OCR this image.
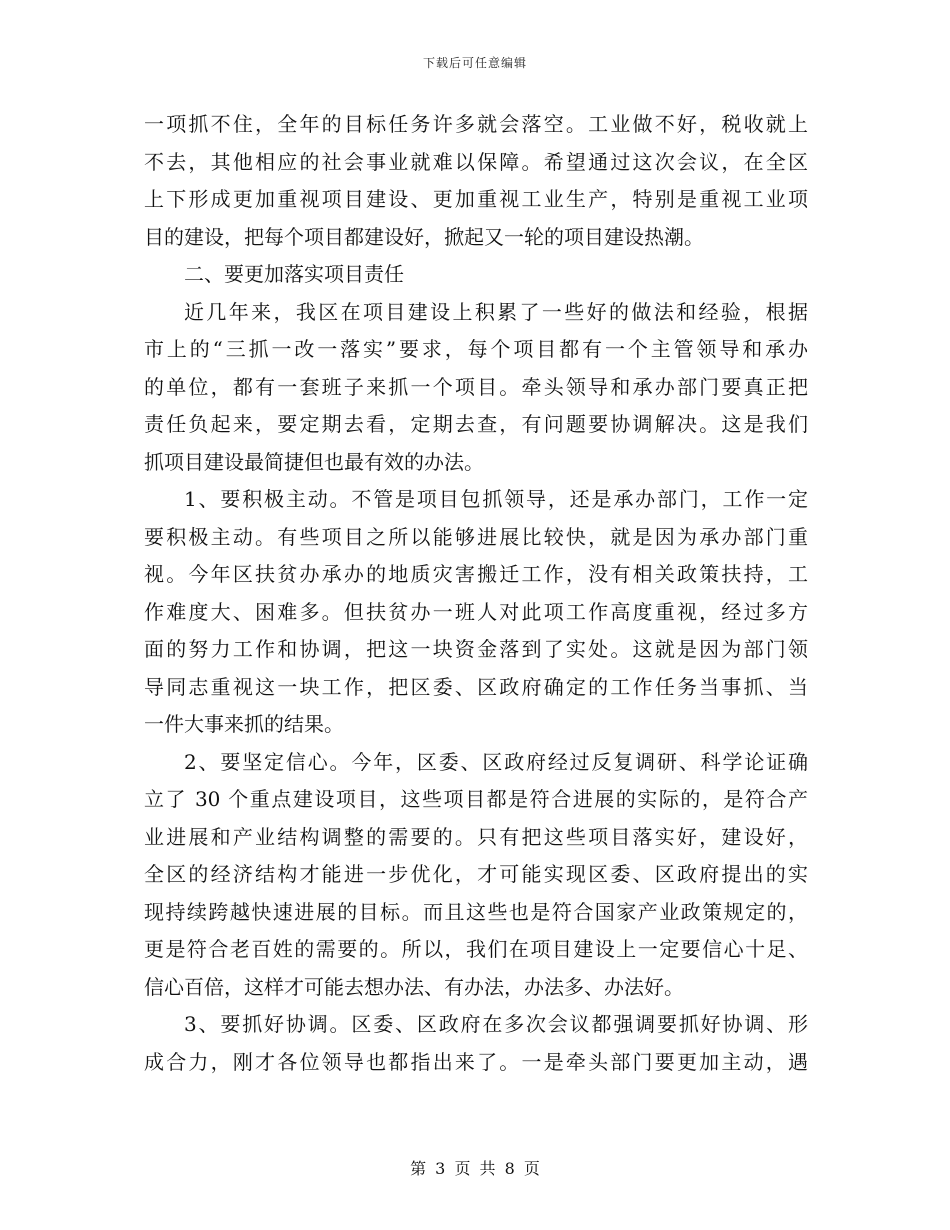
下载后可任意编辑
一项抓不住，全年的目标任务许多就会落空。工业做不好，税收就上
不去，其他相应的社会事业就难以保障。希望通过这次会议，在全区
上下形成更加重视项目建设、更加重视工业生产，特别是重视工业项
目的建设，把每个项目都建设好，掀起又一轮的项目建设热潮。
二、要更加落实项目责任
近几年来，我区在项目建设上积累了一些好的做法和经验，根据
市上的“三抓一改一落实”要求，每个项目都有一个主管领导和承办
的单位，都有一套班子来抓一个项目。牵头领导和承办部门要真正把
责任负起来，要定期去看，定期去查，有问题要协调解决。这是我们
抓项目建设最简捷但也最有效的办法。
1、要积极主动。不管是项目包抓领导，还是承办部门，工作一定
要积极主动。有些项目之所以能够进展比较快，就是因为承办部门重
视。今年区扶贫办承办的地质灾害搬迁工作，没有相关政策扶持，工
作难度大、困难多。但扶贫办一班人对此项工作高度重视，经过多方
面的努力工作和协调，把这一块资金落到了实处。这就是因为部门领
导同志重视这一块工作，把区委、区政府确定的工作任务当事抓、当
一件大事来抓的结果。
2、要坚定信心。今年，区委、区政府经过反复调研、科学论证确
立了 30 个重点建设项目，这些项目都是符合进展的实际的，是符合产
业进展和产业结构调整的需要的。只有把这些项目落实好，建设好，
全区的经济结构才能进一步优化，才可能实现区委、区政府提出的实
现持续跨越快速进展的目标。而且这些也是符合国家产业政策规定的，
更是符合老百姓的需要的。所以，我们在项目建设上一定要信心十足、
信心百倍，这样才可能去想办法、有办法，办法多、办法好。
3、要抓好协调。区委、区政府在多次会议都强调要抓好协调、形
成合力，刚才各位领导也都指出来了。一是牵头部门要更加主动，遇
第 3 页 共 8 页
